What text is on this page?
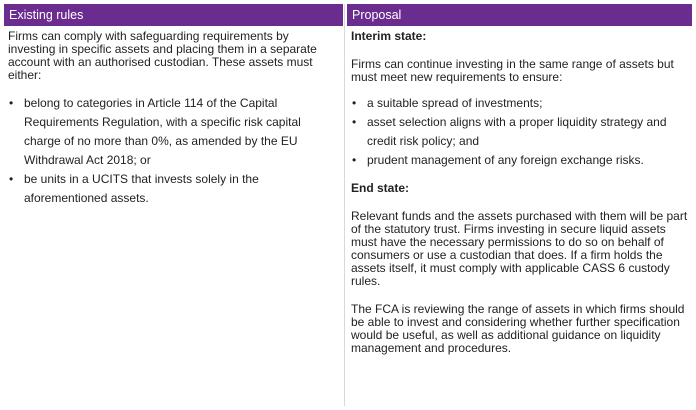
Existing rules	Proposal

Firms can comply with safeguarding requirements by investing in specific assets and placing them in a separate account with an authorised custodian. These assets must either:

• belong to categories in Article 114 of the Capital Requirements Regulation, with a specific risk capital charge of no more than 0%, as amended by the EU Withdrawal Act 2018; or
• be units in a UCITS that invests solely in the aforementioned assets.

Interim state:

Firms can continue investing in the same range of assets but must meet new requirements to ensure:

• a suitable spread of investments;
• asset selection aligns with a proper liquidity strategy and credit risk policy; and
• prudent management of any foreign exchange risks.

End state:

Relevant funds and the assets purchased with them will be part of the statutory trust. Firms investing in secure liquid assets must have the necessary permissions to do so on behalf of consumers or use a custodian that does. If a firm holds the assets itself, it must comply with applicable CASS 6 custody rules.

The FCA is reviewing the range of assets in which firms should be able to invest and considering whether further specification would be useful, as well as additional guidance on liquidity management and procedures.
